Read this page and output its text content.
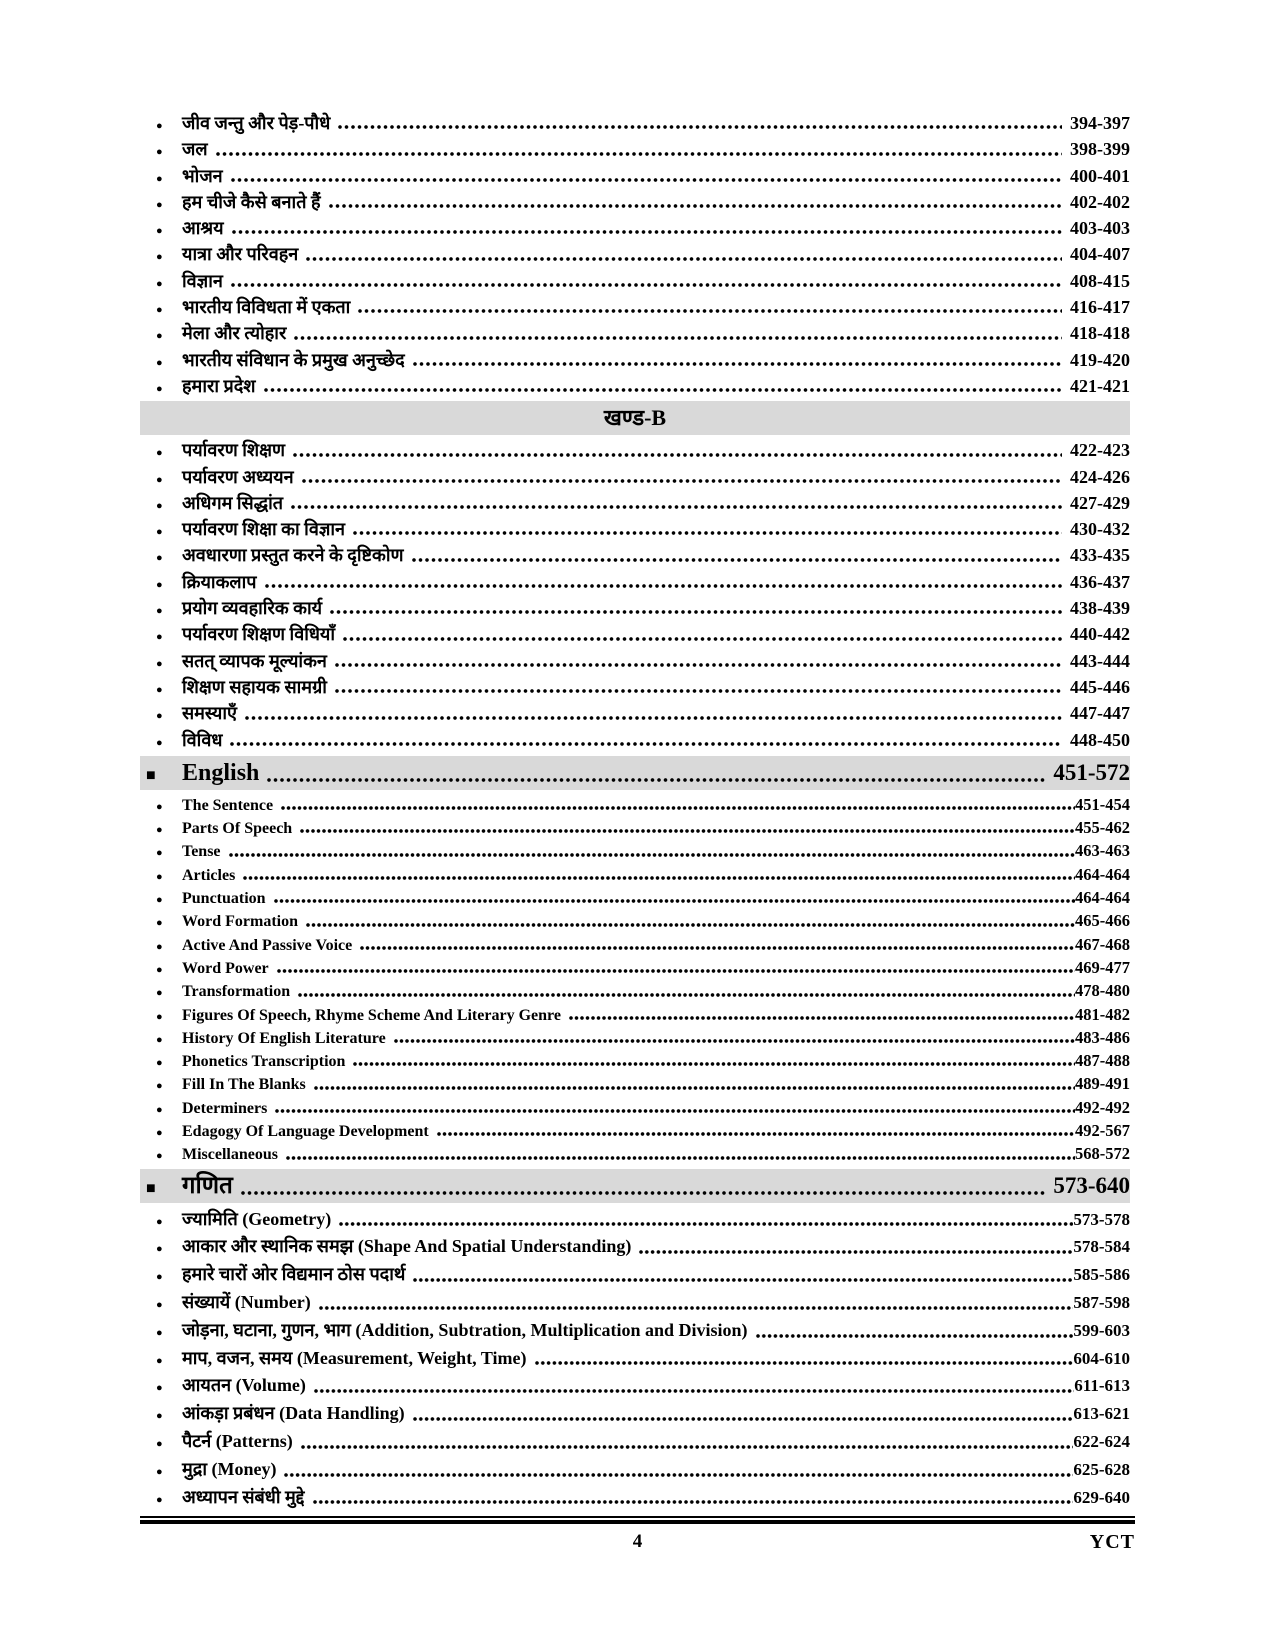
●	जीव जन्तु और पेड़-पौधे	394-397
●	जल	398-399
●	भोजन	400-401
●	हम चीजे कैसे बनाते हैं	402-402
●	आश्रय	403-403
●	यात्रा और परिवहन	404-407
●	विज्ञान	408-415
●	भारतीय विविधता में एकता	416-417
●	मेला और त्योहार	418-418
●	भारतीय संविधान के प्रमुख अनुच्छेद	419-420
●	हमारा प्रदेश	421-421
खण्ड-B
●	पर्यावरण शिक्षण	422-423
●	पर्यावरण अध्ययन	424-426
●	अधिगम सिद्धांत	427-429
●	पर्यावरण शिक्षा का विज्ञान	430-432
●	अवधारणा प्रस्तुत करने के दृष्टिकोण	433-435
●	क्रियाकलाप	436-437
●	प्रयोग व्यवहारिक कार्य	438-439
●	पर्यावरण शिक्षण विधियाँ	440-442
●	सतत् व्यापक मूल्यांकन	443-444
●	शिक्षण सहायक सामग्री	445-446
●	समस्याएँ	447-447
●	विविध	448-450
■	English	451-572
●	The Sentence	451-454
●	Parts Of Speech	455-462
●	Tense	463-463
●	Articles	464-464
●	Punctuation	464-464
●	Word Formation	465-466
●	Active And Passive Voice	467-468
●	Word Power	469-477
●	Transformation	478-480
●	Figures Of Speech, Rhyme Scheme And Literary Genre	481-482
●	History Of English Literature	483-486
●	Phonetics Transcription	487-488
●	Fill In The Blanks	489-491
●	Determiners	492-492
●	Edagogy Of Language Development	492-567
●	Miscellaneous	568-572
■	गणित	573-640
●	ज्यामिति (Geometry)	573-578
●	आकार और स्थानिक समझ (Shape And Spatial Understanding)	578-584
●	हमारे चारों ओर विद्यमान ठोस पदार्थ	585-586
●	संख्यायें (Number)	587-598
●	जोड़ना, घटाना, गुणन, भाग (Addition, Subtration, Multiplication and Division)	599-603
●	माप, वजन, समय (Measurement, Weight, Time)	604-610
●	आयतन (Volume)	611-613
●	आंकड़ा प्रबंधन (Data Handling)	613-621
●	पैटर्न (Patterns)	622-624
●	मुद्रा (Money)	625-628
●	अध्यापन संबंधी मुद्दे	629-640
4	YCT
